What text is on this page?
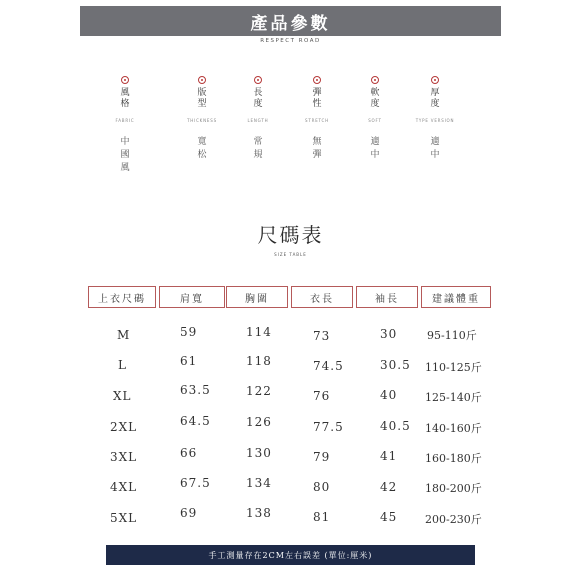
產品參數
RESPECT ROAD
風格
FABRIC
中國風
版型
THICKNESS
寬松
長度
LENGTH
常規
彈性
STRETCH
無彈
軟度
SOFT
適中
厚度
TYPE VERSION
適中
尺碼表
SIZE TABLE
上衣尺碼	肩寬	胸圍	衣長	袖長	建議體重
M	59	114	73	30	95-110斤
L	61	118	74.5	30.5 110-125斤
XL	63.5	122	76	40	125-140斤
2XL	64.5	126	77.5	40.5 140-160斤
3XL	66	130	79	41	160-180斤
4XL	67.5	134	80	42	180-200斤
5XL	69	138	81	45	200-230斤
手工測量存在2CM左右誤差 (單位:厘米)
